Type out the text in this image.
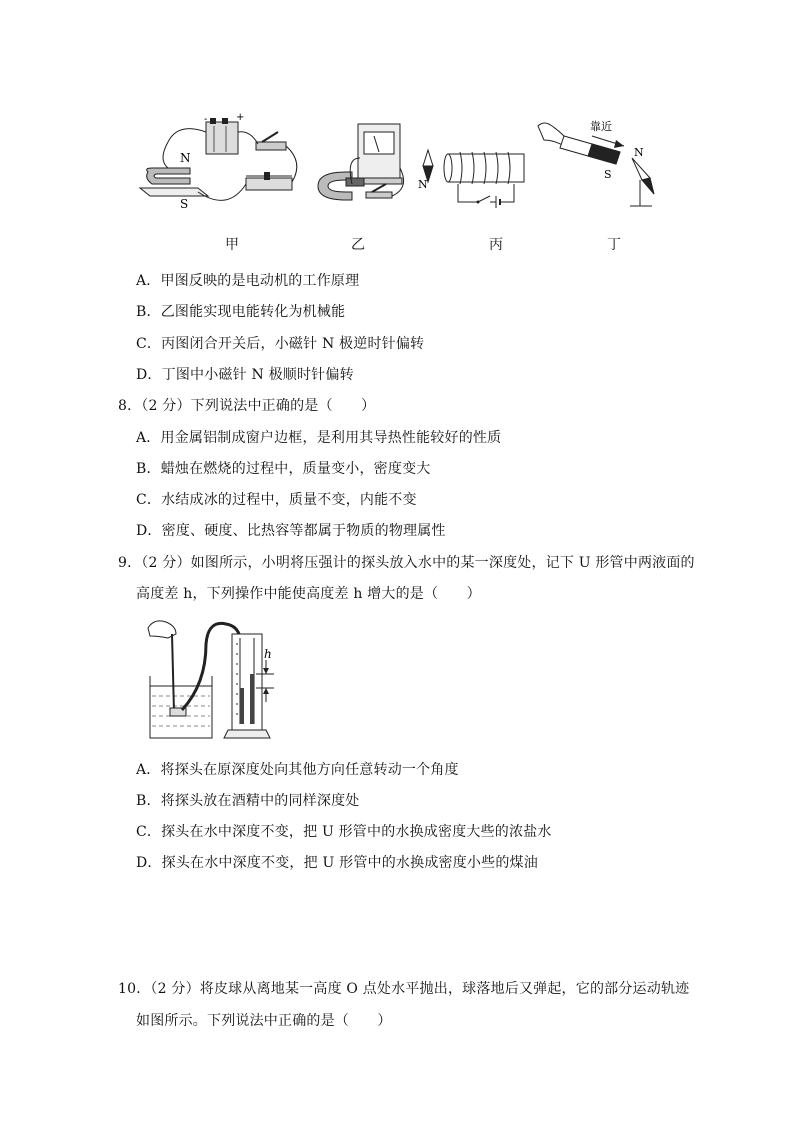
-	+
N
S
N
靠近
S
N
甲	乙	丙	丁
A．甲图反映的是电动机的工作原理
B．乙图能实现电能转化为机械能
C．丙图闭合开关后，小磁针 N 极逆时针偏转
D．丁图中小磁针 N 极顺时针偏转
8．（2 分）下列说法中正确的是（　　）
A．用金属铝制成窗户边框，是利用其导热性能较好的性质
B．蜡烛在燃烧的过程中，质量变小，密度变大
C．水结成冰的过程中，质量不变，内能不变
D．密度、硬度、比热容等都属于物质的物理属性
9．（2 分）如图所示，小明将压强计的探头放入水中的某一深度处，记下 U 形管中两液面的
高度差 h，下列操作中能使高度差 h 增大的是（　　）
h
A．将探头在原深度处向其他方向任意转动一个角度
B．将探头放在酒精中的同样深度处
C．探头在水中深度不变，把 U 形管中的水换成密度大些的浓盐水
D．探头在水中深度不变，把 U 形管中的水换成密度小些的煤油
10．（2 分）将皮球从离地某一高度 O 点处水平抛出，球落地后又弹起，它的部分运动轨迹
如图所示。下列说法中正确的是（　　）
